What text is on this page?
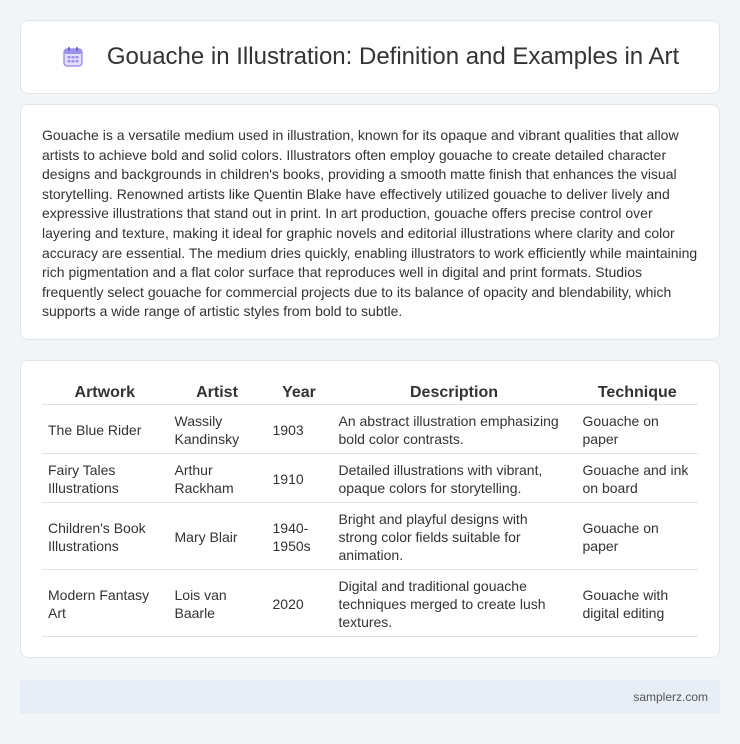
Gouache in Illustration: Definition and Examples in Art

Gouache is a versatile medium used in illustration, known for its opaque and vibrant qualities that allow artists to achieve bold and solid colors. Illustrators often employ gouache to create detailed character designs and backgrounds in children's books, providing a smooth matte finish that enhances the visual storytelling. Renowned artists like Quentin Blake have effectively utilized gouache to deliver lively and expressive illustrations that stand out in print. In art production, gouache offers precise control over layering and texture, making it ideal for graphic novels and editorial illustrations where clarity and color accuracy are essential. The medium dries quickly, enabling illustrators to work efficiently while maintaining rich pigmentation and a flat color surface that reproduces well in digital and print formats. Studios frequently select gouache for commercial projects due to its balance of opacity and blendability, which supports a wide range of artistic styles from bold to subtle.

Artwork	Artist	Year	Description	Technique
The Blue Rider	Wassily Kandinsky	1903	An abstract illustration emphasizing bold color contrasts.	Gouache on paper
Fairy Tales Illustrations	Arthur Rackham	1910	Detailed illustrations with vibrant, opaque colors for storytelling.	Gouache and ink on board
Children's Book Illustrations	Mary Blair	1940-1950s	Bright and playful designs with strong color fields suitable for animation.	Gouache on paper
Modern Fantasy Art	Lois van Baarle	2020	Digital and traditional gouache techniques merged to create lush textures.	Gouache with digital editing
samplerz.com
